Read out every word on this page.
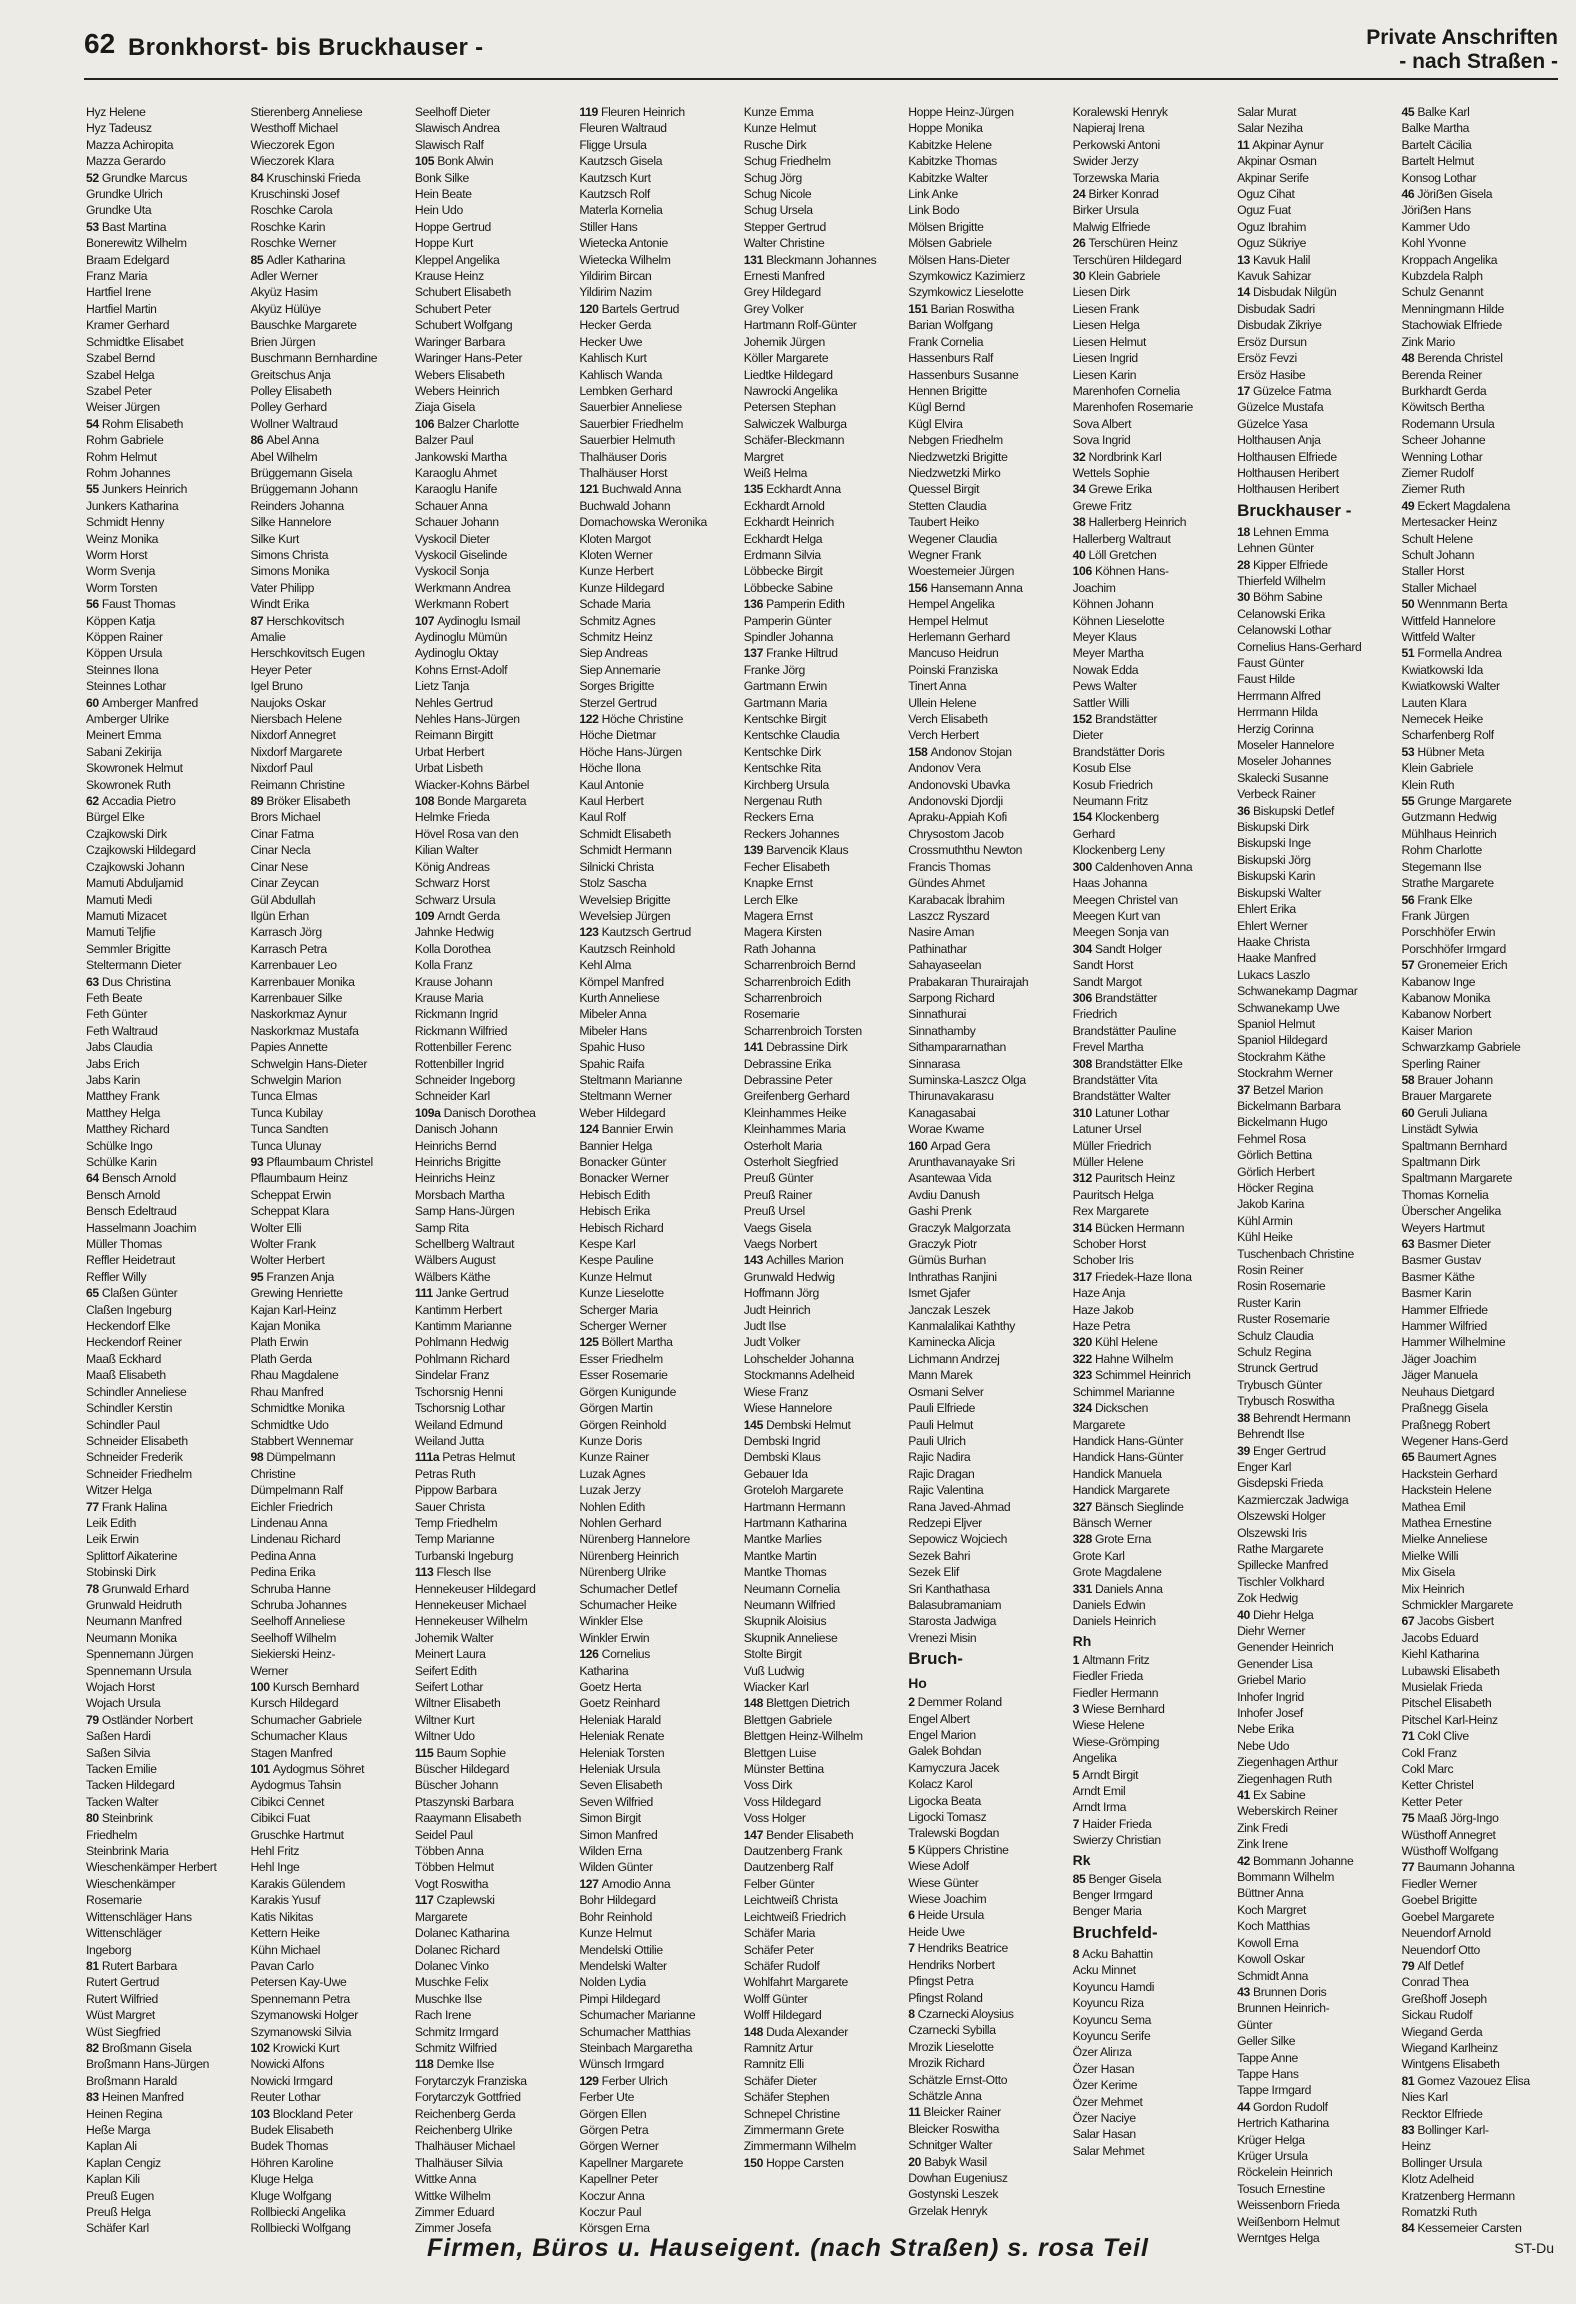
62 Bronkhorst- bis Bruckhauser -	Private Anschriften
- nach Straßen -
Hyz Helene
Hyz Tadeusz
Mazza Achiropita
Mazza Gerardo
52 Grundke Marcus
Grundke Ulrich
Grundke Uta
53 Bast Martina
Bonerewitz Wilhelm
Braam Edelgard
Franz Maria
Hartfiel Irene
Hartfiel Martin
Kramer Gerhard
Schmidtke Elisabet
Szabel Bernd
Szabel Helga
Szabel Peter
Weiser Jürgen
54 Rohm Elisabeth
Rohm Gabriele
Rohm Helmut
Rohm Johannes
55 Junkers Heinrich
Junkers Katharina
Schmidt Henny
Weinz Monika
Worm Horst
Worm Svenja
Worm Torsten
56 Faust Thomas
Köppen Katja
Köppen Rainer
Köppen Ursula
Steinnes Ilona
Steinnes Lothar
60 Amberger Manfred
Amberger Ulrike
Meinert Emma
Sabani Zekirija
Skowronek Helmut
Skowronek Ruth
62 Accadia Pietro
Bürgel Elke
Czajkowski Dirk
Czajkowski Hildegard
Czajkowski Johann
Mamuti Abduljamid
Mamuti Medi
Mamuti Mizacet
Mamuti Teljfie
Semmler Brigitte
Steltermann Dieter
63 Dus Christina
Feth Beate
Feth Günter
Feth Waltraud
Jabs Claudia
Jabs Erich
Jabs Karin
Matthey Frank
Matthey Helga
Matthey Richard
Schülke Ingo
Schülke Karin
64 Bensch Arnold
Bensch Arnold
Bensch Edeltraud
Hasselmann Joachim
Müller Thomas
Reffler Heidetraut
Reffler Willy
65 Claßen Günter
Claßen Ingeburg
Heckendorf Elke
Heckendorf Reiner
Maaß Eckhard
Maaß Elisabeth
Schindler Anneliese
Schindler Kerstin
Schindler Paul
Schneider Elisabeth
Schneider Frederik
Schneider Friedhelm
Witzer Helga
77 Frank Halina
Leik Edith
Leik Erwin
Splittorf Aikaterine
Stobinski Dirk
78 Grunwald Erhard
Grunwald Heidruth
Neumann Manfred
Neumann Monika
Spennemann Jürgen
Spennemann Ursula
Wojach Horst
Wojach Ursula
79 Ostländer Norbert
Saßen Hardi
Saßen Silvia
Tacken Emilie
Tacken Hildegard
Tacken Walter
80 Steinbrink
Friedhelm
Steinbrink Maria
Wieschenkämper Herbert
Wieschenkämper
Rosemarie
Wittenschläger Hans
Wittenschläger
Ingeborg
81 Rutert Barbara
Rutert Gertrud
Rutert Wilfried
Wüst Margret
Wüst Siegfried
82 Broßmann Gisela
Broßmann Hans-Jürgen
Broßmann Harald
83 Heinen Manfred
Heinen Regina
Heße Marga
Kaplan Ali
Kaplan Cengiz
Kaplan Kili
Preuß Eugen
Preuß Helga
Schäfer Karl
Stierenberg Anneliese
Westhoff Michael
Wieczorek Egon
Wieczorek Klara
84 Kruschinski Frieda
Kruschinski Josef
Roschke Carola
Roschke Karin
Roschke Werner
85 Adler Katharina
Adler Werner
Akyüz Hasim
Akyüz Hülüye
Bauschke Margarete
Brien Jürgen
Buschmann Bernhardine
Greitschus Anja
Polley Elisabeth
Polley Gerhard
Wollner Waltraud
86 Abel Anna
Abel Wilhelm
Brüggemann Gisela
Brüggemann Johann
Reinders Johanna
Silke Hannelore
Silke Kurt
Simons Christa
Simons Monika
Vater Philipp
Windt Erika
87 Herschkovitsch
Amalie
Herschkovitsch Eugen
Heyer Peter
Igel Bruno
Naujoks Oskar
Niersbach Helene
Nixdorf Annegret
Nixdorf Margarete
Nixdorf Paul
Reimann Christine
89 Bröker Elisabeth
Brors Michael
Cinar Fatma
Cinar Necla
Cinar Nese
Cinar Zeycan
Gül Abdullah
Ilgün Erhan
Karrasch Jörg
Karrasch Petra
Karrenbauer Leo
Karrenbauer Monika
Karrenbauer Silke
Naskorkmaz Aynur
Naskorkmaz Mustafa
Papies Annette
Schwelgin Hans-Dieter
Schwelgin Marion
Tunca Elmas
Tunca Kubilay
Tunca Sandten
Tunca Ulunay
93 Pflaumbaum Christel
Pflaumbaum Heinz
Scheppat Erwin
Scheppat Klara
Wolter Elli
Wolter Frank
Wolter Herbert
95 Franzen Anja
Grewing Henriette
Kajan Karl-Heinz
Kajan Monika
Plath Erwin
Plath Gerda
Rhau Magdalene
Rhau Manfred
Schmidtke Monika
Schmidtke Udo
Stabbert Wennemar
98 Dümpelmann
Christine
Dümpelmann Ralf
Eichler Friedrich
Lindenau Anna
Lindenau Richard
Pedina Anna
Pedina Erika
Schruba Hanne
Schruba Johannes
Seelhoff Anneliese
Seelhoff Wilhelm
Siekierski Heinz-
Werner
100 Kursch Bernhard
Kursch Hildegard
Schumacher Gabriele
Schumacher Klaus
Stagen Manfred
101 Aydogmus Söhret
Aydogmus Tahsin
Cibikci Cennet
Cibikci Fuat
Gruschke Hartmut
Hehl Fritz
Hehl Inge
Karakis Gülendem
Karakis Yusuf
Katis Nikitas
Kettern Heike
Kühn Michael
Pavan Carlo
Petersen Kay-Uwe
Spennemann Petra
Szymanowski Holger
Szymanowski Silvia
102 Krowicki Kurt
Nowicki Alfons
Nowicki Irmgard
Reuter Lothar
103 Blockland Peter
Budek Elisabeth
Budek Thomas
Höhren Karoline
Kluge Helga
Kluge Wolfgang
Rollbiecki Angelika
Rollbiecki Wolfgang
Seelhoff Dieter
Slawisch Andrea
Slawisch Ralf
105 Bonk Alwin
Bonk Silke
Hein Beate
Hein Udo
Hoppe Gertrud
Hoppe Kurt
Kleppel Angelika
Krause Heinz
Schubert Elisabeth
Schubert Peter
Schubert Wolfgang
Waringer Barbara
Waringer Hans-Peter
Webers Elisabeth
Webers Heinrich
Ziaja Gisela
106 Balzer Charlotte
Balzer Paul
Jankowski Martha
Karaoglu Ahmet
Karaoglu Hanife
Schauer Anna
Schauer Johann
Vyskocil Dieter
Vyskocil Giselinde
Vyskocil Sonja
Werkmann Andrea
Werkmann Robert
107 Aydinoglu Ismail
Aydinoglu Mümün
Aydinoglu Oktay
Kohns Ernst-Adolf
Lietz Tanja
Nehles Gertrud
Nehles Hans-Jürgen
Reimann Birgitt
Urbat Herbert
Urbat Lisbeth
Wiacker-Kohns Bärbel
108 Bonde Margareta
Helmke Frieda
Hövel Rosa van den
Kilian Walter
König Andreas
Schwarz Horst
Schwarz Ursula
109 Arndt Gerda
Jahnke Hedwig
Kolla Dorothea
Kolla Franz
Krause Johann
Krause Maria
Rickmann Ingrid
Rickmann Wilfried
Rottenbiller Ferenc
Rottenbiller Ingrid
Schneider Ingeborg
Schneider Karl
109a Danisch Dorothea
Danisch Johann
Heinrichs Bernd
Heinrichs Brigitte
Heinrichs Heinz
Morsbach Martha
Samp Hans-Jürgen
Samp Rita
Schellberg Waltraut
Wälbers August
Wälbers Käthe
111 Janke Gertrud
Kantimm Herbert
Kantimm Marianne
Pohlmann Hedwig
Pohlmann Richard
Sindelar Franz
Tschorsnig Henni
Tschorsnig Lothar
Weiland Edmund
Weiland Jutta
111a Petras Helmut
Petras Ruth
Pippow Barbara
Sauer Christa
Temp Friedhelm
Temp Marianne
Turbanski Ingeburg
113 Flesch Ilse
Hennekeuser Hildegard
Hennekeuser Michael
Hennekeuser Wilhelm
Johemik Walter
Meinert Laura
Seifert Edith
Seifert Lothar
Wiltner Elisabeth
Wiltner Kurt
Wiltner Udo
115 Baum Sophie
Büscher Hildegard
Büscher Johann
Ptaszynski Barbara
Raaymann Elisabeth
Seidel Paul
Többen Anna
Többen Helmut
Vogt Roswitha
117 Czaplewski
Margarete
Dolanec Katharina
Dolanec Richard
Dolanec Vinko
Muschke Felix
Muschke Ilse
Rach Irene
Schmitz Irmgard
Schmitz Wilfried
118 Demke Ilse
Forytarczyk Franziska
Forytarczyk Gottfried
Reichenberg Gerda
Reichenberg Ulrike
Thalhäuser Michael
Thalhäuser Silvia
Wittke Anna
Wittke Wilhelm
Zimmer Eduard
Zimmer Josefa
119 Fleuren Heinrich
Fleuren Waltraud
Fligge Ursula
Kautzsch Gisela
Kautzsch Kurt
Kautzsch Rolf
Materla Kornelia
Stiller Hans
Wietecka Antonie
Wietecka Wilhelm
Yildirim Bircan
Yildirim Nazim
120 Bartels Gertrud
Hecker Gerda
Hecker Uwe
Kahlisch Kurt
Kahlisch Wanda
Lembken Gerhard
Sauerbier Anneliese
Sauerbier Friedhelm
Sauerbier Helmuth
Thalhäuser Doris
Thalhäuser Horst
121 Buchwald Anna
Buchwald Johann
Domachowska Weronika
Kloten Margot
Kloten Werner
Kunze Herbert
Kunze Hildegard
Schade Maria
Schmitz Agnes
Schmitz Heinz
Siep Andreas
Siep Annemarie
Sorges Brigitte
Sterzel Gertrud
122 Höche Christine
Höche Dietmar
Höche Hans-Jürgen
Höche Ilona
Kaul Antonie
Kaul Herbert
Kaul Rolf
Schmidt Elisabeth
Schmidt Hermann
Silnicki Christa
Stolz Sascha
Wevelsiep Brigitte
Wevelsiep Jürgen
123 Kautzsch Gertrud
Kautzsch Reinhold
Kehl Alma
Kömpel Manfred
Kurth Anneliese
Mibeler Anna
Mibeler Hans
Spahic Huso
Spahic Raifa
Steltmann Marianne
Steltmann Werner
Weber Hildegard
124 Bannier Erwin
Bannier Helga
Bonacker Günter
Bonacker Werner
Hebisch Edith
Hebisch Erika
Hebisch Richard
Kespe Karl
Kespe Pauline
Kunze Helmut
Kunze Lieselotte
Scherger Maria
Scherger Werner
125 Böllert Martha
Esser Friedhelm
Esser Rosemarie
Görgen Kunigunde
Görgen Martin
Görgen Reinhold
Kunze Doris
Kunze Rainer
Luzak Agnes
Luzak Jerzy
Nohlen Edith
Nohlen Gerhard
Nürenberg Hannelore
Nürenberg Heinrich
Nürenberg Ulrike
Schumacher Detlef
Schumacher Heike
Winkler Else
Winkler Erwin
126 Cornelius
Katharina
Goetz Herta
Goetz Reinhard
Heleniak Harald
Heleniak Renate
Heleniak Torsten
Heleniak Ursula
Seven Elisabeth
Seven Wilfried
Simon Birgit
Simon Manfred
Wilden Erna
Wilden Günter
127 Amodio Anna
Bohr Hildegard
Bohr Reinhold
Kunze Helmut
Mendelski Ottilie
Mendelski Walter
Nolden Lydia
Pimpi Hildegard
Schumacher Marianne
Schumacher Matthias
Steinbach Margaretha
Wünsch Irmgard
129 Ferber Ulrich
Ferber Ute
Görgen Ellen
Görgen Petra
Görgen Werner
Kapellner Margarete
Kapellner Peter
Koczur Anna
Koczur Paul
Körsgen Erna
Kunze Emma
Kunze Helmut
Rusche Dirk
Schug Friedhelm
Schug Jörg
Schug Nicole
Schug Ursela
Stepper Gertrud
Walter Christine
131 Bleckmann Johannes
Ernesti Manfred
Grey Hildegard
Grey Volker
Hartmann Rolf-Günter
Johemik Jürgen
Köller Margarete
Liedtke Hildegard
Nawrocki Angelika
Petersen Stephan
Salwiczek Walburga
Schäfer-Bleckmann
Margret
Weiß Helma
135 Eckhardt Anna
Eckhardt Arnold
Eckhardt Heinrich
Eckhardt Helga
Erdmann Silvia
Löbbecke Birgit
Löbbecke Sabine
136 Pamperin Edith
Pamperin Günter
Spindler Johanna
137 Franke Hiltrud
Franke Jörg
Gartmann Erwin
Gartmann Maria
Kentschke Birgit
Kentschke Claudia
Kentschke Dirk
Kentschke Rita
Kirchberg Ursula
Nergenau Ruth
Reckers Erna
Reckers Johannes
139 Barvencik Klaus
Fecher Elisabeth
Knapke Ernst
Lerch Elke
Magera Ernst
Magera Kirsten
Rath Johanna
Scharrenbroich Bernd
Scharrenbroich Edith
Scharrenbroich
Rosemarie
Scharrenbroich Torsten
141 Debrassine Dirk
Debrassine Erika
Debrassine Peter
Greifenberg Gerhard
Kleinhammes Heike
Kleinhammes Maria
Osterholt Maria
Osterholt Siegfried
Preuß Günter
Preuß Rainer
Preuß Ursel
Vaegs Gisela
Vaegs Norbert
143 Achilles Marion
Grunwald Hedwig
Hoffmann Jörg
Judt Heinrich
Judt Ilse
Judt Volker
Lohschelder Johanna
Stockmanns Adelheid
Wiese Franz
Wiese Hannelore
145 Dembski Helmut
Dembski Ingrid
Dembski Klaus
Gebauer Ida
Groteloh Margarete
Hartmann Hermann
Hartmann Katharina
Mantke Marlies
Mantke Martin
Mantke Thomas
Neumann Cornelia
Neumann Wilfried
Skupnik Aloisius
Skupnik Anneliese
Stolte Birgit
Vuß Ludwig
Wiacker Karl
148 Blettgen Dietrich
Blettgen Gabriele
Blettgen Heinz-Wilhelm
Blettgen Luise
Münster Bettina
Voss Dirk
Voss Hildegard
Voss Holger
147 Bender Elisabeth
Dautzenberg Frank
Dautzenberg Ralf
Felber Günter
Leichtweiß Christa
Leichtweiß Friedrich
Schäfer Maria
Schäfer Peter
Schäfer Rudolf
Wohlfahrt Margarete
Wolff Günter
Wolff Hildegard
148 Duda Alexander
Ramnitz Artur
Ramnitz Elli
Schäfer Dieter
Schäfer Stephen
Schnepel Christine
Zimmermann Grete
Zimmermann Wilhelm
150 Hoppe Carsten
Hoppe Heinz-Jürgen
Hoppe Monika
Kabitzke Helene
Kabitzke Thomas
Kabitzke Walter
Link Anke
Link Bodo
Mölsen Brigitte
Mölsen Gabriele
Mölsen Hans-Dieter
Szymkowicz Kazimierz
Szymkowicz Lieselotte
151 Barian Roswitha
Barian Wolfgang
Frank Cornelia
Hassenburs Ralf
Hassenburs Susanne
Hennen Brigitte
Kügl Bernd
Kügl Elvira
Nebgen Friedhelm
Niedzwetzki Brigitte
Niedzwetzki Mirko
Quessel Birgit
Stetten Claudia
Taubert Heiko
Wegener Claudia
Wegner Frank
Woestemeier Jürgen
156 Hansemann Anna
Hempel Angelika
Hempel Helmut
Herlemann Gerhard
Mancuso Heidrun
Poinski Franziska
Tinert Anna
Ullein Helene
Verch Elisabeth
Verch Herbert
158 Andonov Stojan
Andonov Vera
Andonovski Ubavka
Andonovski Djordji
Apraku-Appiah Kofi
Chrysostom Jacob
Crossmuththu Newton
Francis Thomas
Gündes Ahmet
Karabacak İbrahim
Laszcz Ryszard
Nasire Aman
Pathinathar
Sahayaseelan
Prabakaran Thurairajah
Sarpong Richard
Sinnathurai
Sinnathamby
Sithampararnathan
Sinnarasa
Suminska-Laszcz Olga
Thirunavakarasu
Kanagasabai
Worae Kwame
160 Arpad Gera
Arunthavanayake Sri
Asantewaa Vida
Avdiu Danush
Gashi Prenk
Graczyk Malgorzata
Graczyk Piotr
Gümüs Burhan
Inthrathas Ranjini
Ismet Gjafer
Janczak Leszek
Kanmalalikai Kaththy
Kaminecka Alicja
Lichmann Andrzej
Mann Marek
Osmani Selver
Pauli Elfriede
Pauli Helmut
Pauli Ulrich
Rajic Nadira
Rajic Dragan
Rajic Valentina
Rana Javed-Ahmad
Redzepi Eljver
Sepowicz Wojciech
Sezek Bahri
Sezek Elif
Sri Kanthathasa
Balasubramaniam
Starosta Jadwiga
Vrenezi Misin
Bruch-
Ho
2 Demmer Roland
Engel Albert
Engel Marion
Galek Bohdan
Kamyczura Jacek
Kolacz Karol
Ligocka Beata
Ligocki Tomasz
Tralewski Bogdan
5 Küppers Christine
Wiese Adolf
Wiese Günter
Wiese Joachim
6 Heide Ursula
Heide Uwe
7 Hendriks Beatrice
Hendriks Norbert
Pfingst Petra
Pfingst Roland
8 Czarnecki Aloysius
Czarnecki Sybilla
Mrozik Lieselotte
Mrozik Richard
Schätzle Ernst-Otto
Schätzle Anna
11 Bleicker Rainer
Bleicker Roswitha
Schnitger Walter
20 Babyk Wasil
Dowhan Eugeniusz
Gostynski Leszek
Grzelak Henryk
Koralewski Henryk
Napieraj Irena
Perkowski Antoni
Swider Jerzy
Torzewska Maria
24 Birker Konrad
Birker Ursula
Malwig Elfriede
26 Terschüren Heinz
Terschüren Hildegard
30 Klein Gabriele
Liesen Dirk
Liesen Frank
Liesen Helga
Liesen Helmut
Liesen Ingrid
Liesen Karin
Marenhofen Cornelia
Marenhofen Rosemarie
Sova Albert
Sova Ingrid
32 Nordbrink Karl
Wettels Sophie
34 Grewe Erika
Grewe Fritz
38 Hallerberg Heinrich
Hallerberg Waltraut
40 Löll Gretchen
106 Köhnen Hans-
Joachim
Köhnen Johann
Köhnen Lieselotte
Meyer Klaus
Meyer Martha
Nowak Edda
Pews Walter
Sattler Willi
152 Brandstätter
Dieter
Brandstätter Doris
Kosub Else
Kosub Friedrich
Neumann Fritz
154 Klockenberg
Gerhard
Klockenberg Leny
300 Caldenhoven Anna
Haas Johanna
Meegen Christel van
Meegen Kurt van
Meegen Sonja van
304 Sandt Holger
Sandt Horst
Sandt Margot
306 Brandstätter
Friedrich
Brandstätter Pauline
Frevel Martha
308 Brandstätter Elke
Brandstätter Vita
Brandstätter Walter
310 Latuner Lothar
Latuner Ursel
Müller Friedrich
Müller Helene
312 Pauritsch Heinz
Pauritsch Helga
Rex Margarete
314 Bücken Hermann
Schober Horst
Schober Iris
317 Friedek-Haze Ilona
Haze Anja
Haze Jakob
Haze Petra
320 Kühl Helene
322 Hahne Wilhelm
323 Schimmel Heinrich
Schimmel Marianne
324 Dickschen
Margarete
Handick Hans-Günter
Handick Hans-Günter
Handick Manuela
Handick Margarete
327 Bänsch Sieglinde
Bänsch Werner
328 Grote Erna
Grote Karl
Grote Magdalene
331 Daniels Anna
Daniels Edwin
Daniels Heinrich
Rh
1 Altmann Fritz
Fiedler Frieda
Fiedler Hermann
3 Wiese Bernhard
Wiese Helene
Wiese-Grömping
Angelika
5 Arndt Birgit
Arndt Emil
Arndt Irma
7 Haider Frieda
Swierzy Christian
Rk
85 Benger Gisela
Benger Irmgard
Benger Maria
Bruchfeld-
8 Acku Bahattin
Acku Minnet
Koyuncu Hamdi
Koyuncu Riza
Koyuncu Sema
Koyuncu Serife
Özer Alirıza
Özer Hasan
Özer Kerime
Özer Mehmet
Özer Naciye
Salar Hasan
Salar Mehmet
Salar Murat
Salar Neziha
11 Akpinar Aynur
Akpinar Osman
Akpinar Serife
Oguz Cihat
Oguz Fuat
Oguz Ibrahim
Oguz Sükriye
13 Kavuk Halil
Kavuk Sahizar
14 Disbudak Nilgün
Disbudak Sadri
Disbudak Zikriye
Ersöz Dursun
Ersöz Fevzi
Ersöz Hasibe
17 Güzelce Fatma
Güzelce Mustafa
Güzelce Yasa
Holthausen Anja
Holthausen Elfriede
Holthausen Heribert
Holthausen Heribert
Bruckhauser -
18 Lehnen Emma
Lehnen Günter
28 Kipper Elfriede
Thierfeld Wilhelm
30 Böhm Sabine
Celanowski Erika
Celanowski Lothar
Cornelius Hans-Gerhard
Faust Günter
Faust Hilde
Herrmann Alfred
Herrmann Hilda
Herzig Corinna
Moseler Hannelore
Moseler Johannes
Skalecki Susanne
Verbeck Rainer
36 Biskupski Detlef
Biskupski Dirk
Biskupski Inge
Biskupski Jörg
Biskupski Karin
Biskupski Walter
Ehlert Erika
Ehlert Werner
Haake Christa
Haake Manfred
Lukacs Laszlo
Schwanekamp Dagmar
Schwanekamp Uwe
Spaniol Helmut
Spaniol Hildegard
Stockrahm Käthe
Stockrahm Werner
37 Betzel Marion
Bickelmann Barbara
Bickelmann Hugo
Fehmel Rosa
Görlich Bettina
Görlich Herbert
Höcker Regina
Jakob Karina
Kühl Armin
Kühl Heike
Tuschenbach Christine
Rosin Reiner
Rosin Rosemarie
Ruster Karin
Ruster Rosemarie
Schulz Claudia
Schulz Regina
Strunck Gertrud
Trybusch Günter
Trybusch Roswitha
38 Behrendt Hermann
Behrendt Ilse
39 Enger Gertrud
Enger Karl
Gisdepski Frieda
Kazmierczak Jadwiga
Olszewski Holger
Olszewski Iris
Rathe Margarete
Spillecke Manfred
Tischler Volkhard
Zok Hedwig
40 Diehr Helga
Diehr Werner
Genender Heinrich
Genender Lisa
Griebel Mario
Inhofer Ingrid
Inhofer Josef
Nebe Erika
Nebe Udo
Ziegenhagen Arthur
Ziegenhagen Ruth
41 Ex Sabine
Weberskirch Reiner
Zink Fredi
Zink Irene
42 Bommann Johanne
Bommann Wilhelm
Büttner Anna
Koch Margret
Koch Matthias
Kowoll Erna
Kowoll Oskar
Schmidt Anna
43 Brunnen Doris
Brunnen Heinrich-
Günter
Geller Silke
Tappe Anne
Tappe Hans
Tappe Irmgard
44 Gordon Rudolf
Hertrich Katharina
Krüger Helga
Krüger Ursula
Röckelein Heinrich
Tosuch Ernestine
Weissenborn Frieda
Weißenborn Helmut
Werntges Helga
45 Balke Karl
Balke Martha
Bartelt Cäcilia
Bartelt Helmut
Konsog Lothar
46 Jöriẞen Gisela
Jöriẞen Hans
Kammer Udo
Kohl Yvonne
Kroppach Angelika
Kubzdela Ralph
Schulz Genannt
Menningmann Hilde
Stachowiak Elfriede
Zink Mario
48 Berenda Christel
Berenda Reiner
Burkhardt Gerda
Köwitsch Bertha
Rodemann Ursula
Scheer Johanne
Wenning Lothar
Ziemer Rudolf
Ziemer Ruth
49 Eckert Magdalena
Mertesacker Heinz
Schult Helene
Schult Johann
Staller Horst
Staller Michael
50 Wennmann Berta
Wittfeld Hannelore
Wittfeld Walter
51 Formella Andrea
Kwiatkowski Ida
Kwiatkowski Walter
Lauten Klara
Nemecek Heike
Scharfenberg Rolf
53 Hübner Meta
Klein Gabriele
Klein Ruth
55 Grunge Margarete
Gutzmann Hedwig
Mühlhaus Heinrich
Rohm Charlotte
Stegemann Ilse
Strathe Margarete
56 Frank Elke
Frank Jürgen
Porschhöfer Erwin
Porschhöfer Irmgard
57 Gronemeier Erich
Kabanow Inge
Kabanow Monika
Kabanow Norbert
Kaiser Marion
Schwarzkamp Gabriele
Sperling Rainer
58 Brauer Johann
Brauer Margarete
60 Geruli Juliana
Linstädt Sylwia
Spaltmann Bernhard
Spaltmann Dirk
Spaltmann Margarete
Thomas Kornelia
Überscher Angelika
Weyers Hartmut
63 Basmer Dieter
Basmer Gustav
Basmer Käthe
Basmer Karin
Hammer Elfriede
Hammer Wilfried
Hammer Wilhelmine
Jäger Joachim
Jäger Manuela
Neuhaus Dietgard
Praßnegg Gisela
Praßnegg Robert
Wegener Hans-Gerd
65 Baumert Agnes
Hackstein Gerhard
Hackstein Helene
Mathea Emil
Mathea Ernestine
Mielke Anneliese
Mielke Willi
Mix Gisela
Mix Heinrich
Schmickler Margarete
67 Jacobs Gisbert
Jacobs Eduard
Kiehl Katharina
Lubawski Elisabeth
Musielak Frieda
Pitschel Elisabeth
Pitschel Karl-Heinz
71 Cokl Clive
Cokl Franz
Cokl Marc
Ketter Christel
Ketter Peter
75 Maaß Jörg-Ingo
Wüsthoff Annegret
Wüsthoff Wolfgang
77 Baumann Johanna
Fiedler Werner
Goebel Brigitte
Goebel Margarete
Neuendorf Arnold
Neuendorf Otto
79 Alf Detlef
Conrad Thea
Greßhoff Joseph
Sickau Rudolf
Wiegand Gerda
Wiegand Karlheinz
Wintgens Elisabeth
81 Gomez Vazouez Elisa
Nies Karl
Recktor Elfriede
83 Bollinger Karl-
Heinz
Bollinger Ursula
Klotz Adelheid
Kratzenberg Hermann
Romatzki Ruth
84 Kessemeier Carsten
Firmen, Büros u. Hauseigent. (nach Straßen) s. rosa Teil	ST-Du
